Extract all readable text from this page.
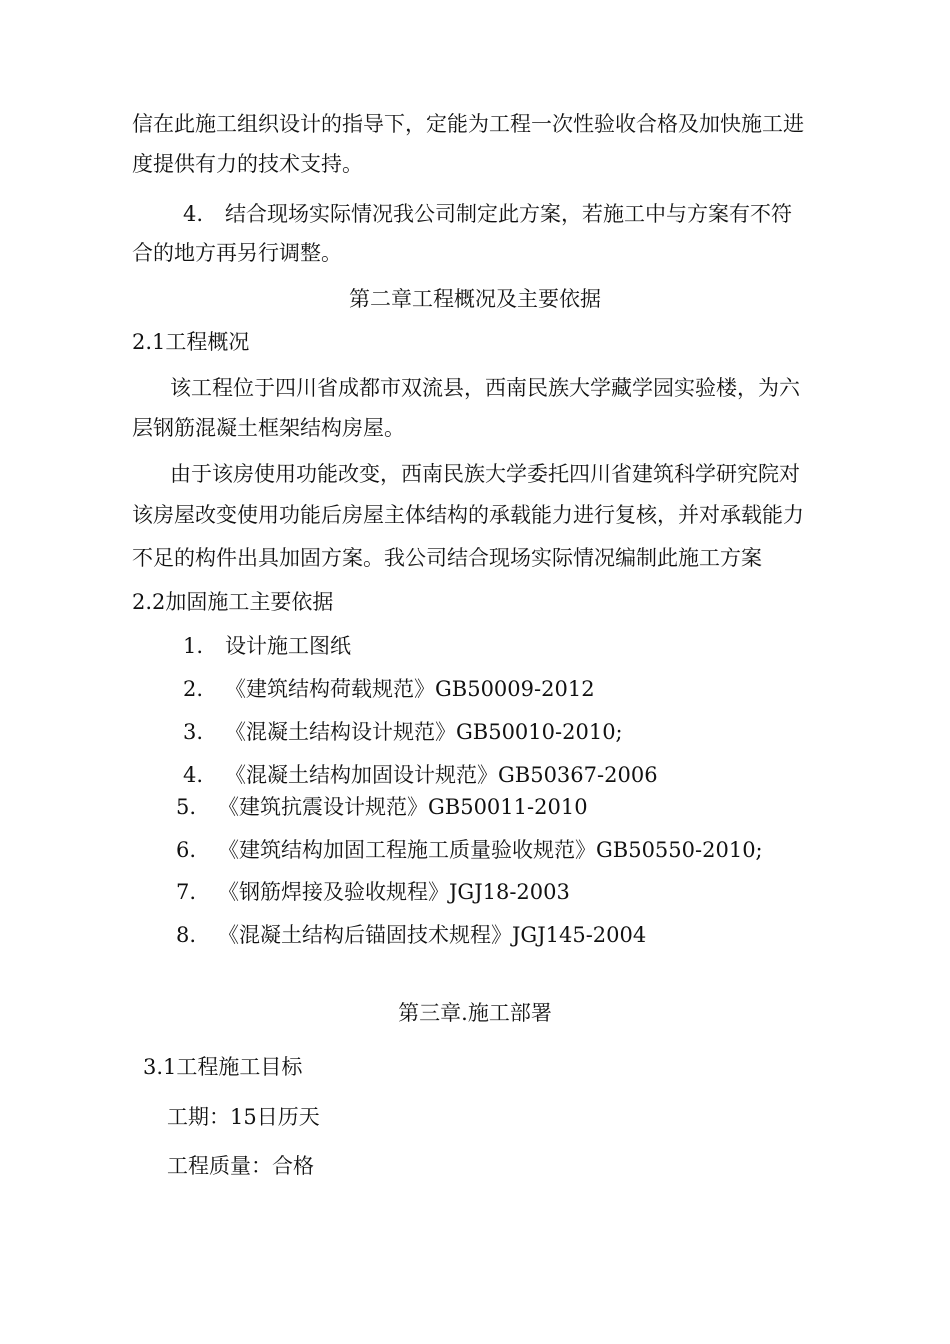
信在此施工组织设计的指导下，定能为工程一次性验收合格及加快施工进
度提供有力的技术支持。
4. 结合现场实际情况我公司制定此方案，若施工中与方案有不符
合的地方再另行调整。
第二章工程概况及主要依据
2.1工程概况
该工程位于四川省成都市双流县，西南民族大学藏学园实验楼，为六
层钢筋混凝土框架结构房屋。
由于该房使用功能改变，西南民族大学委托四川省建筑科学研究院对
该房屋改变使用功能后房屋主体结构的承载能力进行复核，并对承载能力
不足的构件出具加固方案。我公司结合现场实际情况编制此施工方案
2.2加固施工主要依据
1. 设计施工图纸
2. 《建筑结构荷载规范》GB50009-2012
3. 《混凝土结构设计规范》GB50010-2010;
4. 《混凝土结构加固设计规范》GB50367-2006
5. 《建筑抗震设计规范》GB50011-2010
6. 《建筑结构加固工程施工质量验收规范》GB50550-2010;
7. 《钢筋焊接及验收规程》JGJ18-2003
8. 《混凝土结构后锚固技术规程》JGJ145-2004
第三章.施工部署
3.1工程施工目标
工期：15日历天
工程质量：合格
